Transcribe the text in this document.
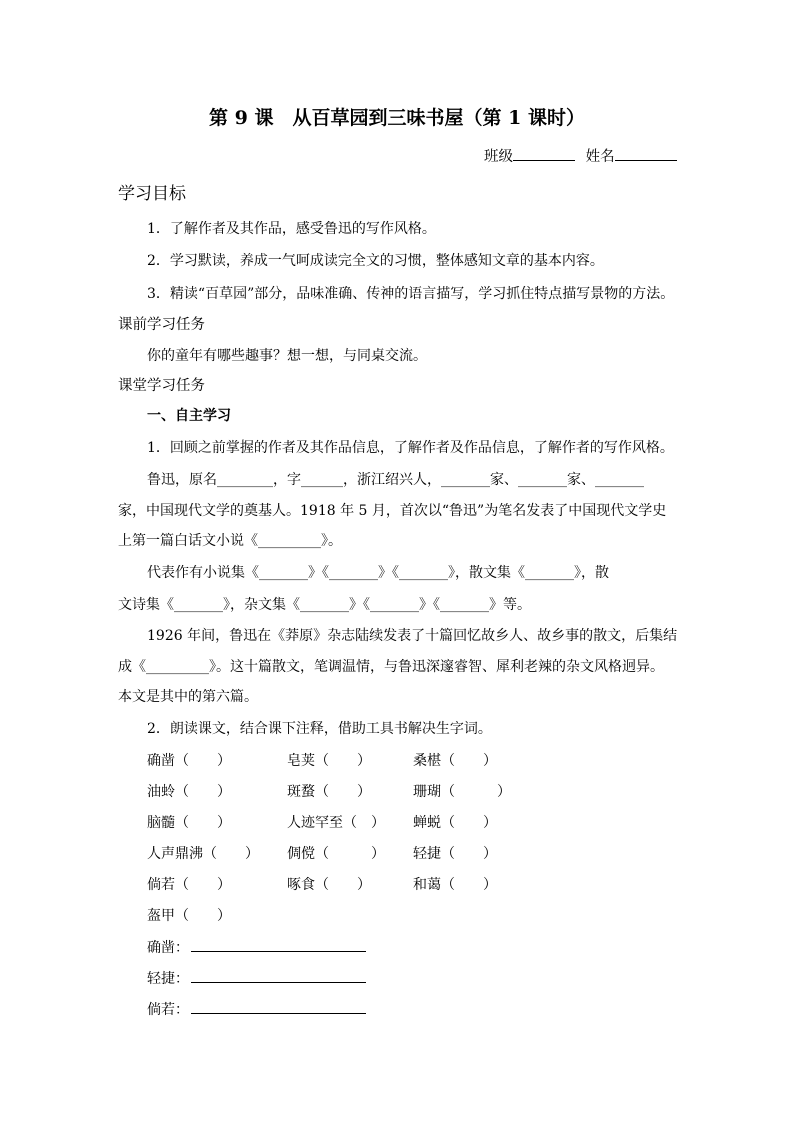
第 9 课　从百草园到三味书屋（第 1 课时）
班级	姓名
学习目标
1．了解作者及其作品，感受鲁迅的写作风格。
2．学习默读，养成一气呵成读完全文的习惯，整体感知文章的基本内容。
3．精读“百草园”部分，品味准确、传神的语言描写，学习抓住特点描写景物的方法。
课前学习任务
你的童年有哪些趣事？想一想，与同桌交流。
课堂学习任务
一、自主学习
1．回顾之前掌握的作者及其作品信息，了解作者及作品信息，了解作者的写作风格。
鲁迅，原名________，字______，浙江绍兴人，_______家、_______家、_______
家，中国现代文学的奠基人。1918 年 5 月，首次以“鲁迅”为笔名发表了中国现代文学史
上第一篇白话文小说《_________》。
代表作有小说集《_______》《_______》《_______》，散文集《_______》，散
文诗集《_______》，杂文集《_______》《_______》《_______》等。
1926 年间，鲁迅在《莽原》杂志陆续发表了十篇回忆故乡人、故乡事的散文，后集结
成《_________》。这十篇散文，笔调温情，与鲁迅深邃睿智、犀利老辣的杂文风格迥异。
本文是其中的第六篇。
2．朗读课文，结合课下注释，借助工具书解决生字词。
确凿（　　）	皂荚（　　）	桑椹（　　）
油蛉（　　）	斑蝥（　　）	珊瑚（　　　）
脑髓（　　）	人迹罕至（　） 蝉蜕（　　）
人声鼎沸（　　） 倜傥（　　　） 轻捷（　　）
倘若（　　）	啄食（　　）	和蔼（　　）
盔甲（　　）
确凿：
轻捷：
倘若：
